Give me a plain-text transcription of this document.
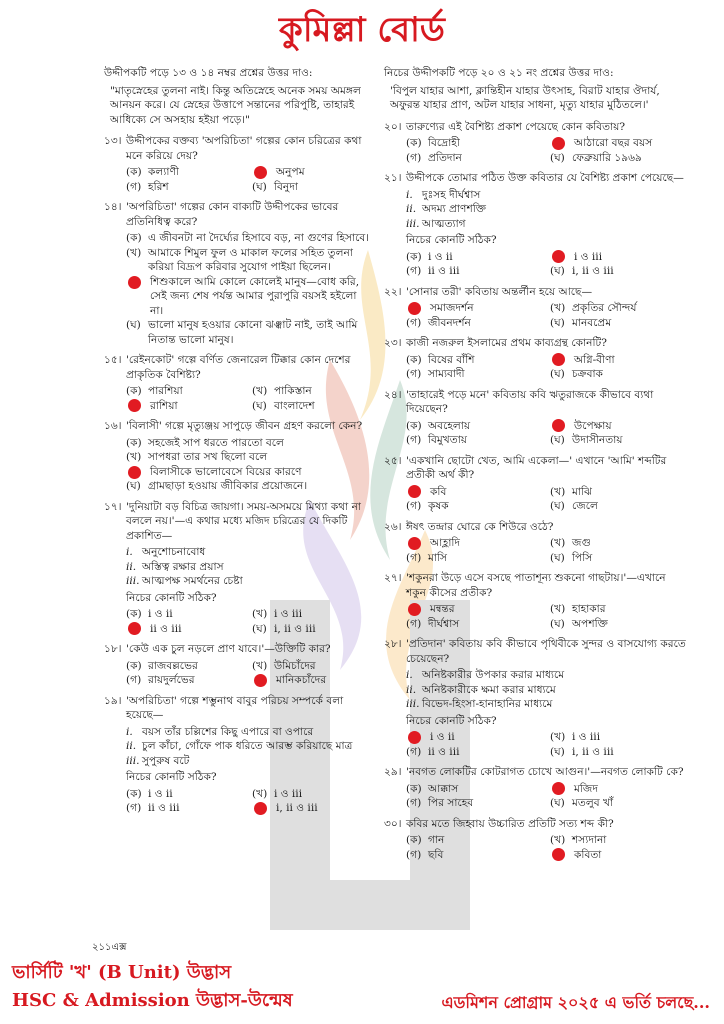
কুমিল্লা বোর্ড
উদ্দীপকটি পড়ে ১৩ ও ১৪ নম্বর প্রশ্নের উত্তর দাও:
"মাতৃস্নেহের তুলনা নাই। কিন্তু অতিস্নেহে অনেক সময় অমঙ্গল আনয়ন করে। যে স্নেহের উত্তাপে সন্তানের পরিপুষ্টি, তাহারই আধিক্যে সে অসহায় হইয়া পড়ে।"
১৩। উদ্দীপকের বক্তব্য 'অপরিচিতা' গল্পের কোন চরিত্রের কথা মনে করিয়ে দেয়?
(ক) কল্যাণী	অনুপম
(গ) হরিশ	(ঘ) বিনুদা
১৪। 'অপরিচিতা' গল্পের কোন বাক্যটি উদ্দীপকের ভাবের প্রতিনিধিত্ব করে?
(ক) এ জীবনটা না দৈর্ঘ্যের হিসাবে বড়, না গুণের হিসাবে।
(খ) আমাকে শিমুল ফুল ও মাকাল ফলের সহিত তুলনা করিয়া বিদ্রূপ করিবার সুযোগ পাইয়া ছিলেন।
শিশুকালে আমি কোলে কোলেই মানুষ—বোধ করি, সেই জন্য শেষ পর্যন্ত আমার পুরাপুরি বয়সই হইলো না।
(ঘ) ভালো মানুষ হওয়ার কোনো ঝঞ্ঝাট নাই, তাই আমি নিতান্ত ভালো মানুষ।
১৫। 'রেইনকোট' গল্পে বর্ণিত জেনারেল টিক্কার কোন দেশের প্রাকৃতিক বৈশিষ্ট্য?
(ক) পারশিয়া	(খ) পাকিস্তান
রাশিয়া	(ঘ) বাংলাদেশ
১৬। 'বিলাসী' গল্পে মৃত্যুঞ্জয় সাপুড়ে জীবন গ্রহণ করলো কেন?
(ক) সহজেই সাপ ধরতে পারতো বলে
(খ) সাপধরা তার সখ ছিলো বলে
বিলাসীকে ভালোবেসে বিয়ের কারণে
(ঘ) গ্রামছাড়া হওয়ায় জীবিকার প্রয়োজনে।
১৭। 'দুনিয়াটা বড় বিচিত্র জায়গা। সময়-অসময়ে মিথ্যা কথা না বললে নয়।'—এ কথার মধ্যে মজিদ চরিত্রের যে দিকটি প্রকাশিত—
i. অনুশোচনাবোধ
ii. অস্তিত্ব রক্ষার প্রয়াস
iii. আত্মপক্ষ সমর্থনের চেষ্টা
নিচের কোনটি সঠিক?
(ক) i ও ii	(খ) i ও iii
ii ও iii	(ঘ) i, ii ও iii
১৮। 'কেউ এক চুল নড়লে প্রাণ যাবে।'—উক্তিটি কার?
(ক) রাজবল্লভের	(খ) উমিচাঁদের
(গ) রায়দুর্লভের	মানিকচাঁদের
১৯। 'অপরিচিতা' গল্পে শম্ভুনাথ বাবুর পরিচয় সম্পর্কে বলা হয়েছে—
i. বয়স তাঁর চল্লিশের কিছু এপারে বা ওপারে
ii. চুল কাঁচা, গোঁফে পাক ধরিতে আরম্ভ করিয়াছে মাত্র
iii. সুপুরুষ বটে
নিচের কোনটি সঠিক?
(ক) i ও ii	(খ) i ও iii
(গ) ii ও iii	i, ii ও iii
নিচের উদ্দীপকটি পড়ে ২০ ও ২১ নং প্রশ্নের উত্তর দাও:
'বিপুল যাহার আশা, ক্লান্তিহীন যাহার উৎসাহ, বিরাট যাহার ঔদার্য, অফুরন্ত যাহার প্রাণ, অটল যাহার সাধনা, মৃত্যু যাহার মুঠিতলে।'
২০। তারুণ্যের এই বৈশিষ্ট্য প্রকাশ পেয়েছে কোন কবিতায়?
(ক) বিদ্রোহী	আঠারো বছর বয়স
(গ) প্রতিদান	(ঘ) ফেব্রুয়ারি ১৯৬৯
২১। উদ্দীপকে তোমার পঠিত উক্ত কবিতার যে বৈশিষ্ট্য প্রকাশ পেয়েছে—
i. দুঃসহ দীর্ঘশ্বাস
ii. অদম্য প্রাণশক্তি
iii. আত্মত্যাগ
নিচের কোনটি সঠিক?
(ক) i ও ii	i ও iii
(গ) ii ও iii	(ঘ) i, ii ও iii
২২। 'সোনার তরী' কবিতায় অন্তর্লীন হয়ে আছে—
সমাজদর্শন	(খ) প্রকৃতির সৌন্দর্য
(গ) জীবনদর্শন	(ঘ) মানবপ্রেম
২৩। কাজী নজরুল ইসলামের প্রথম কাব্যগ্রন্থ কোনটি?
(ক) বিষের বাঁশি	অগ্নি-বীণা
(গ) সাম্যবাদী	(ঘ) চক্রবাক
২৪। 'তাহারেই পড়ে মনে' কবিতায় কবি ঋতুরাজকে কীভাবে ব্যথা দিয়েছেন?
(ক) অবহেলায়	উপেক্ষায়
(গ) বিমুখতায়	(ঘ) উদাসীনতায়
২৫। 'একখানি ছোটো খেত, আমি একেলা—' এখানে 'আমি' শব্দটির প্রতীকী অর্থ কী?
কবি	(খ) মাঝি
(গ) কৃষক	(ঘ) জেলে
২৬। ঈষৎ তন্দ্রার ঘোরে কে শিউরে ওঠে?
আহ্লাদি	(খ) জগু
(গ) মাসি	(ঘ) পিসি
২৭। 'শকুনরা উড়ে এসে বসছে পাতাশূন্য শুকনো গাছটায়।'—এখানে শকুন কীসের প্রতীক?
মন্বন্তর	(খ) হাহাকার
(গ) দীর্ঘশ্বাস	(ঘ) অপশক্তি
২৮। 'প্রতিদান' কবিতায় কবি কীভাবে পৃথিবীকে সুন্দর ও বাসযোগ্য করতে চেয়েছেন?
i. অনিষ্টকারীর উপকার করার মাধ্যমে
ii. অনিষ্টকারীকে ক্ষমা করার মাধ্যমে
iii. বিভেদ-হিংসা-হানাহানির মাধ্যমে
নিচের কোনটি সঠিক?
i ও ii	(খ) i ও iii
(গ) ii ও iii	(ঘ) i, ii ও iii
২৯। 'নবগত লোকটির কোটরাগত চোখে আগুন।'—নবগত লোকটি কে?
(ক) আক্কাস	মজিদ
(গ) পির সাহেব	(ঘ) মতলুব খাঁ
৩০। কবির মতে জিহ্বায় উচ্চারিত প্রতিটি সত্য শব্দ কী?
(ক) গান	(খ) শস্যদানা
(গ) ছবি	কবিতা
২১১এক্স
ভার্সিটি 'খ' (B Unit) উদ্ভাস
HSC & Admission উদ্ভাস-উন্মেষ	এডমিশন প্রোগ্রাম ২০২৫ এ ভর্তি চলছে...
